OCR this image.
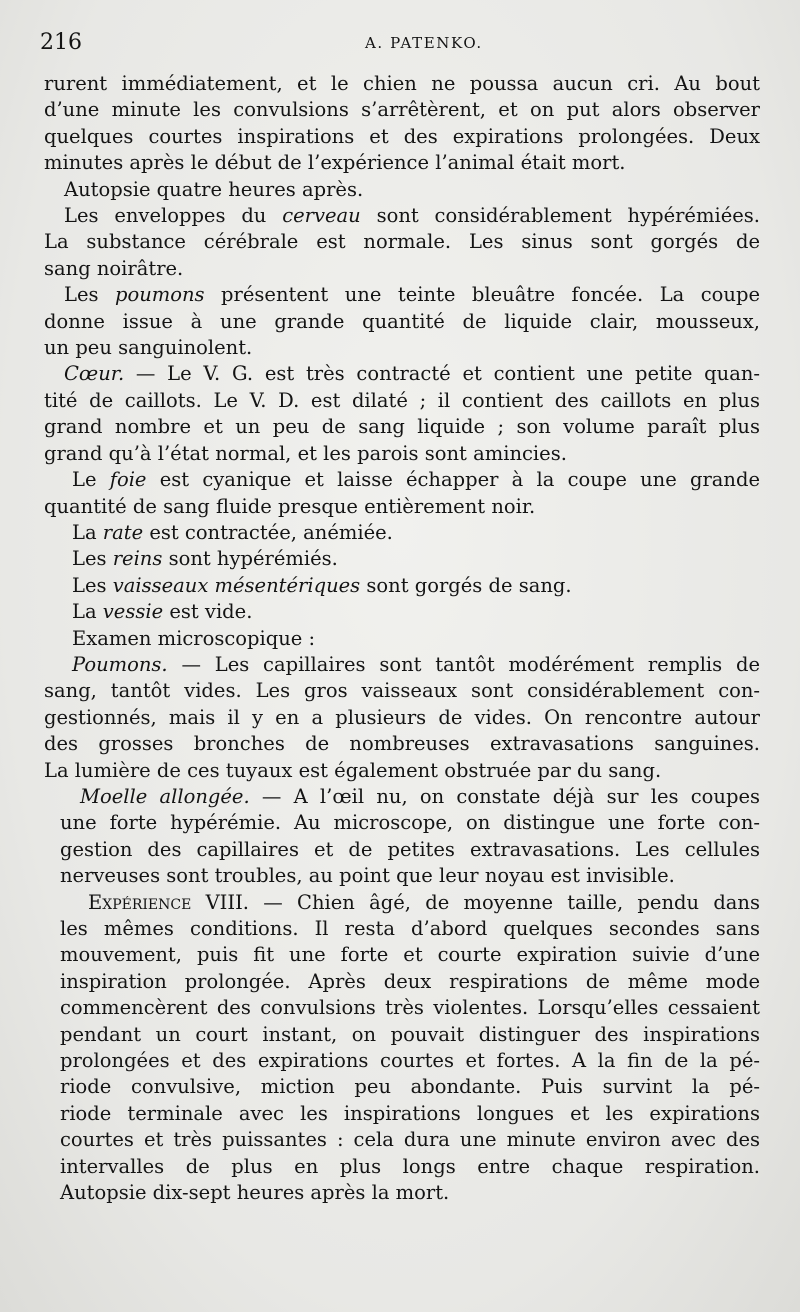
216	A. PATENKO.
rurent immédiatement, et le chien ne poussa aucun cri. Au bout
d’une minute les convulsions s’arrêtèrent, et on put alors observer
quelques courtes inspirations et des expirations prolongées. Deux
minutes après le début de l’expérience l’animal était mort.
Autopsie quatre heures après.
Les enveloppes du cerveau sont considérablement hypérémiées.
La substance cérébrale est normale. Les sinus sont gorgés de
sang noirâtre.
Les poumons présentent une teinte bleuâtre foncée. La coupe
donne issue à une grande quantité de liquide clair, mousseux,
un peu sanguinolent.
Cœur. — Le V. G. est très contracté et contient une petite quan-
tité de caillots. Le V. D. est dilaté ; il contient des caillots en plus
grand nombre et un peu de sang liquide ; son volume paraît plus
grand qu’à l’état normal, et les parois sont amincies.
Le foie est cyanique et laisse échapper à la coupe une grande
quantité de sang fluide presque entièrement noir.
La rate est contractée, anémiée.
Les reins sont hypérémiés.
Les vaisseaux mésentériques sont gorgés de sang.
La vessie est vide.
Examen microscopique :
Poumons. — Les capillaires sont tantôt modérément remplis de
sang, tantôt vides. Les gros vaisseaux sont considérablement con-
gestionnés, mais il y en a plusieurs de vides. On rencontre autour
des grosses bronches de nombreuses extravasations sanguines.
La lumière de ces tuyaux est également obstruée par du sang.
Moelle allongée. — A l’œil nu, on constate déjà sur les coupes
une forte hypérémie. Au microscope, on distingue une forte con-
gestion des capillaires et de petites extravasations. Les cellules
nerveuses sont troubles, au point que leur noyau est invisible.
Expérience VIII. — Chien âgé, de moyenne taille, pendu dans
les mêmes conditions. Il resta d’abord quelques secondes sans
mouvement, puis fit une forte et courte expiration suivie d’une
inspiration prolongée. Après deux respirations de même mode
commencèrent des convulsions très violentes. Lorsqu’elles cessaient
pendant un court instant, on pouvait distinguer des inspirations
prolongées et des expirations courtes et fortes. A la fin de la pé-
riode convulsive, miction peu abondante. Puis survint la pé-
riode terminale avec les inspirations longues et les expirations
courtes et très puissantes : cela dura une minute environ avec des
intervalles de plus en plus longs entre chaque respiration.
Autopsie dix-sept heures après la mort.
